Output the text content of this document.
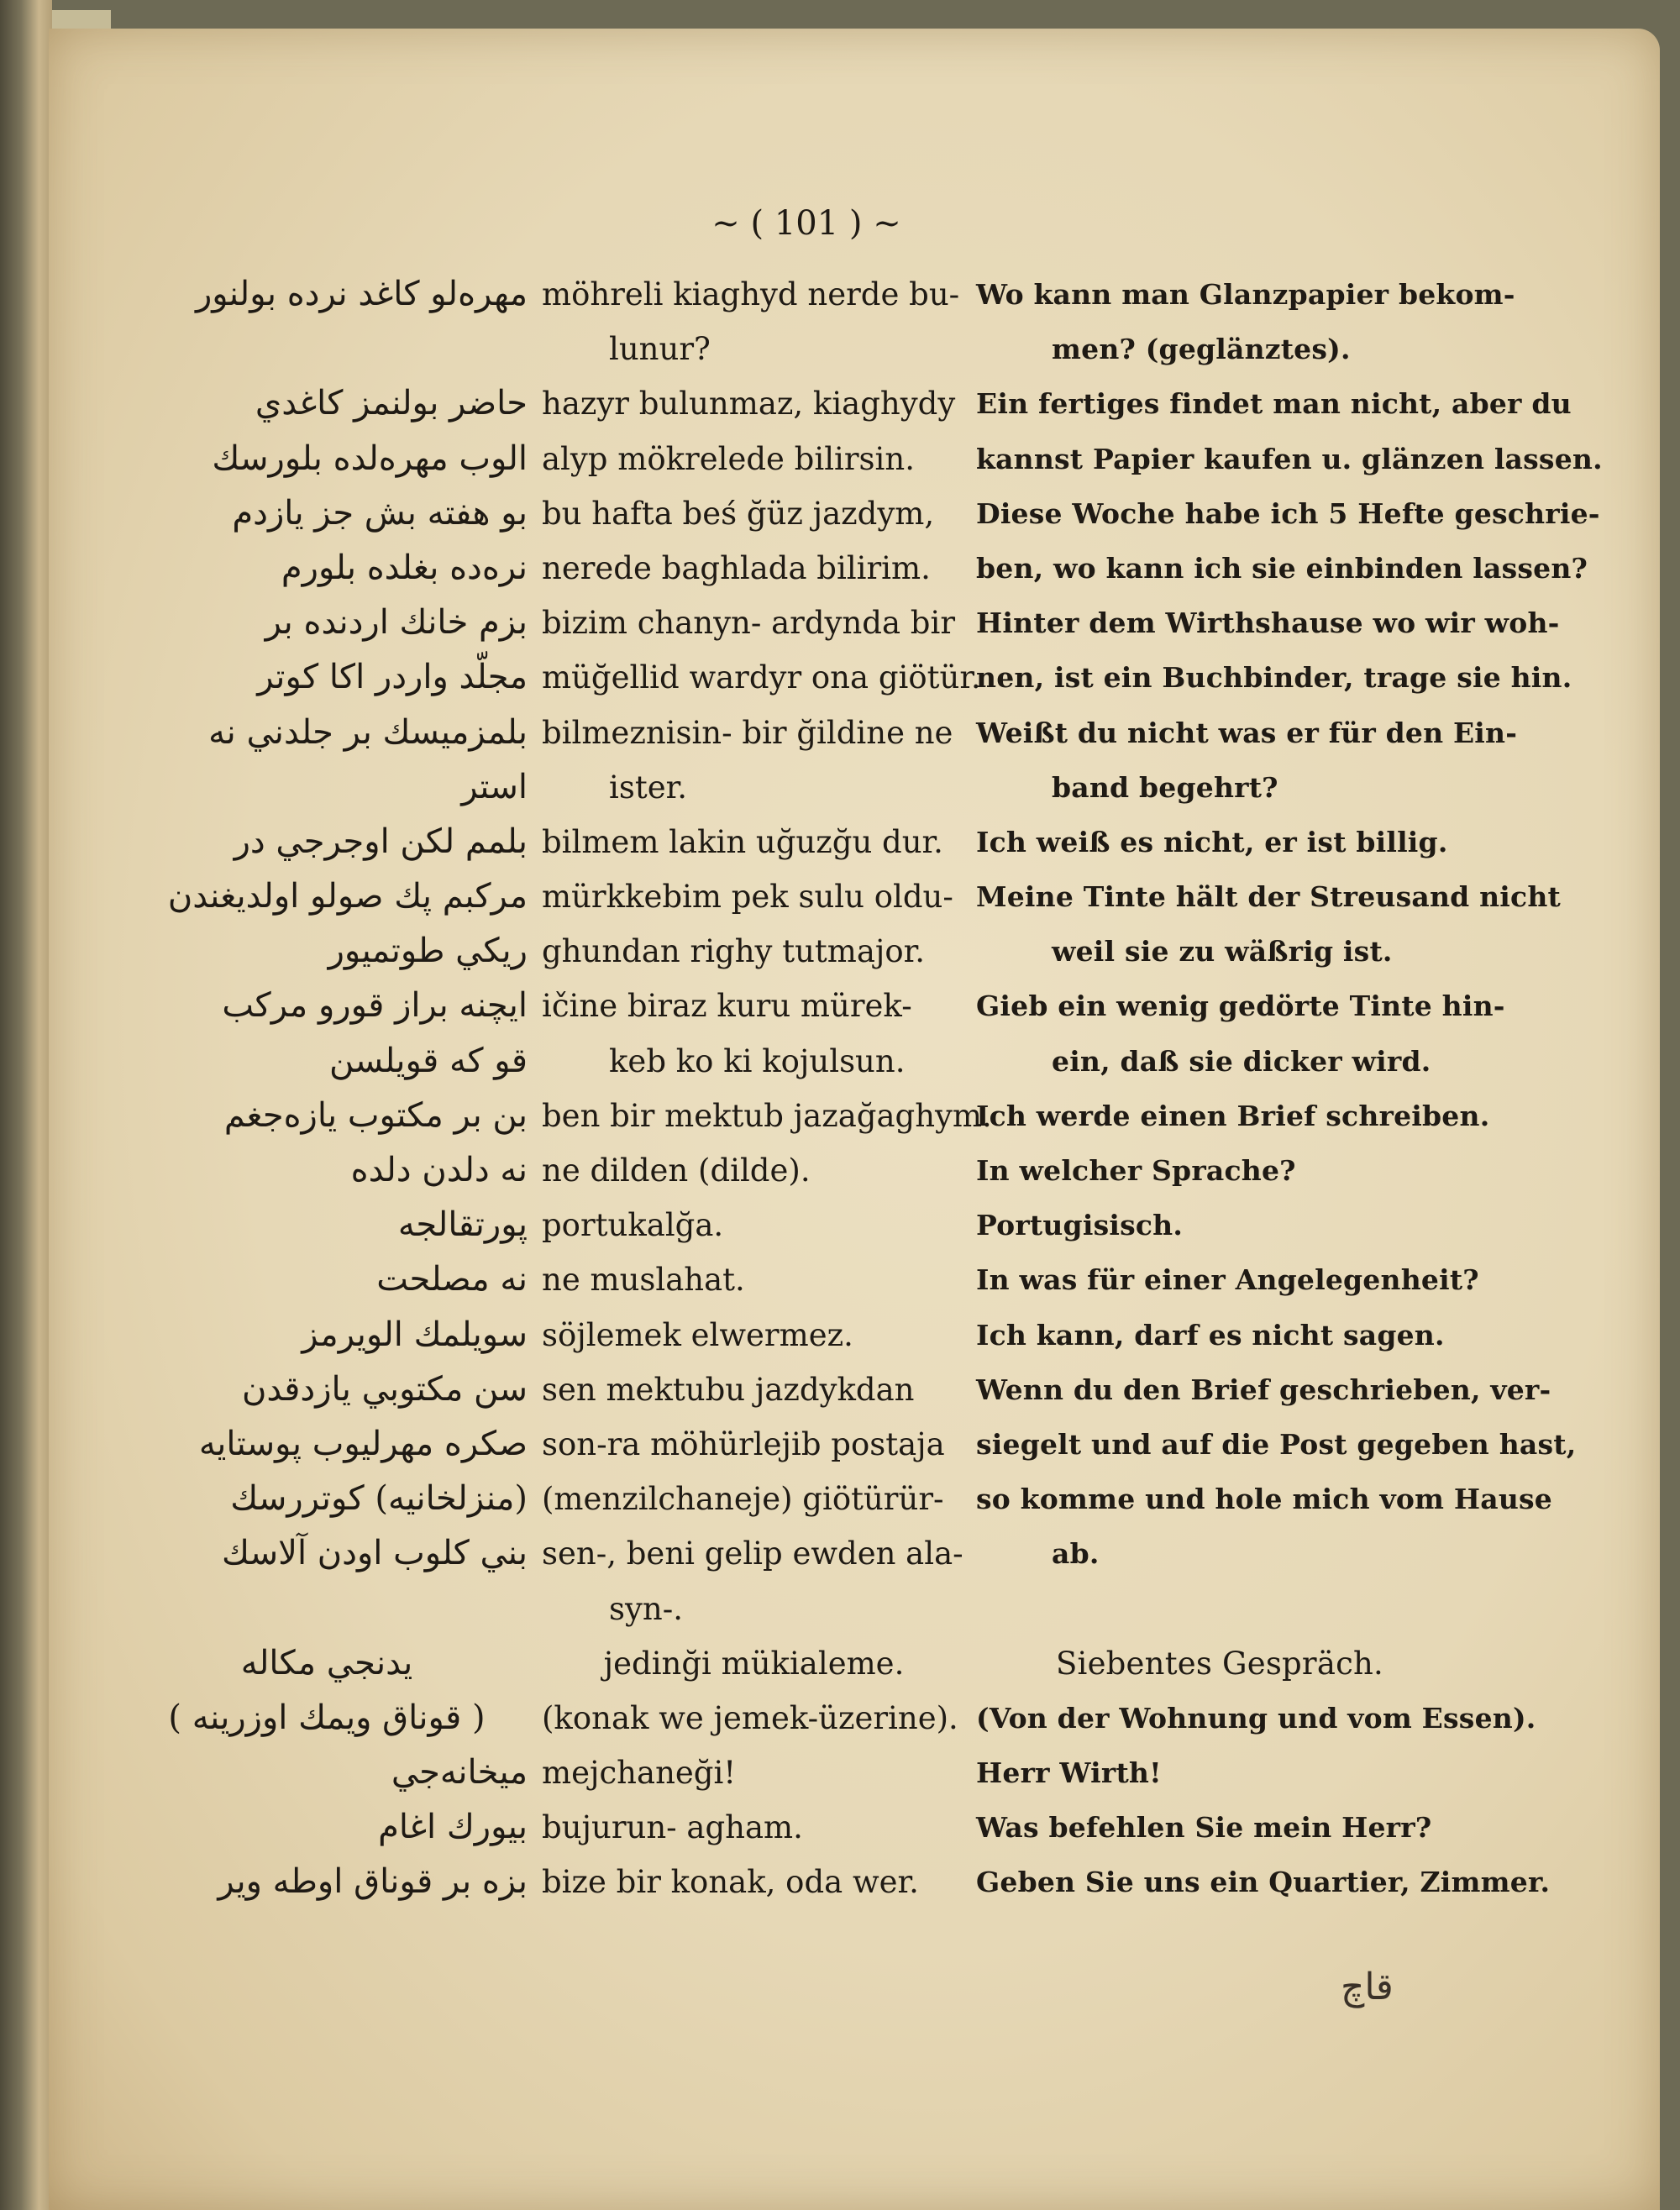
~ ( 101 ) ~
مهرەلو كاغد نردە بولنور
حاضر بولنمز كاغدي
الوب مهرەلدە بلورسك
بو هفتە بش جز يازدم
نرەدە بغلدە بلورم
بزم خانك اردندە بر
مجلّد واردر اكا كوتر
بلمزميسك بر جلدني نە
استر
بلمم لكن اوجرجي در
مركبم پك صولو اولديغندن
ريكي طوتميور
ايچنە براز قورو مركب
قو كە قويلسن
بن بر مكتوب يازەجغم
نە دلدن دلدە
پورتقالجە
نە مصلحت
سويلمك الويرمز
سن مكتوبي يازدقدن
صكرە مهرليوب پوستايە
(منزلخانيە) كوتررسك
بني كلوب اودن آلاسك
يدنجي مكالە
( قوناق ويمك اوزرينە )
ميخانەجي
بيورك اغام
بزە بر قوناق اوطە وير
möhreli kiaghyd nerde bu-
lunur?
hazyr bulunmaz, kiaghydy
alyp mökrelede bilirsin.
bu hafta beś ğüz jazdym,
nerede baghlada bilirim.
bizim chanyn- ardynda bir
müğellid wardyr ona giötür.
bilmeznisin- bir ğildine ne
ister.
bilmem lakin uğuzğu dur.
mürkkebim pek sulu oldu-
ghundan righy tutmajor.
ičine biraz kuru mürek-
keb ko ki kojulsun.
ben bir mektub jazağaghym.
ne dilden (dilde).
portukalğa.
ne muslahat.
söjlemek elwermez.
sen mektubu jazdykdan
son-ra möhürlejib postaja
(menzilchaneje) giötürür-
sen-, beni gelip ewden ala-
syn-.
jedinği mükialeme.
(konak we jemek-üzerine).
mejchaneği!
bujurun- agham.
bize bir konak, oda wer.
Wo kann man Glanzpapier bekom-
men? (geglänztes).
Ein fertiges findet man nicht, aber du
kannst Papier kaufen u. glänzen lassen.
Diese Woche habe ich 5 Hefte geschrie-
ben, wo kann ich sie einbinden lassen?
Hinter dem Wirthshause wo wir woh-
nen, ist ein Buchbinder, trage sie hin.
Weißt du nicht was er für den Ein-
band begehrt?
Ich weiß es nicht, er ist billig.
Meine Tinte hält der Streusand nicht
weil sie zu wäßrig ist.
Gieb ein wenig gedörte Tinte hin-
ein, daß sie dicker wird.
Ich werde einen Brief schreiben.
In welcher Sprache?
Portugisisch.
In was für einer Angelegenheit?
Ich kann, darf es nicht sagen.
Wenn du den Brief geschrieben, ver-
siegelt und auf die Post gegeben hast,
so komme und hole mich vom Hause
ab.
Siebentes Gespräch.
(Von der Wohnung und vom Essen).
Herr Wirth!
Was befehlen Sie mein Herr?
Geben Sie uns ein Quartier, Zimmer.
قاچ
